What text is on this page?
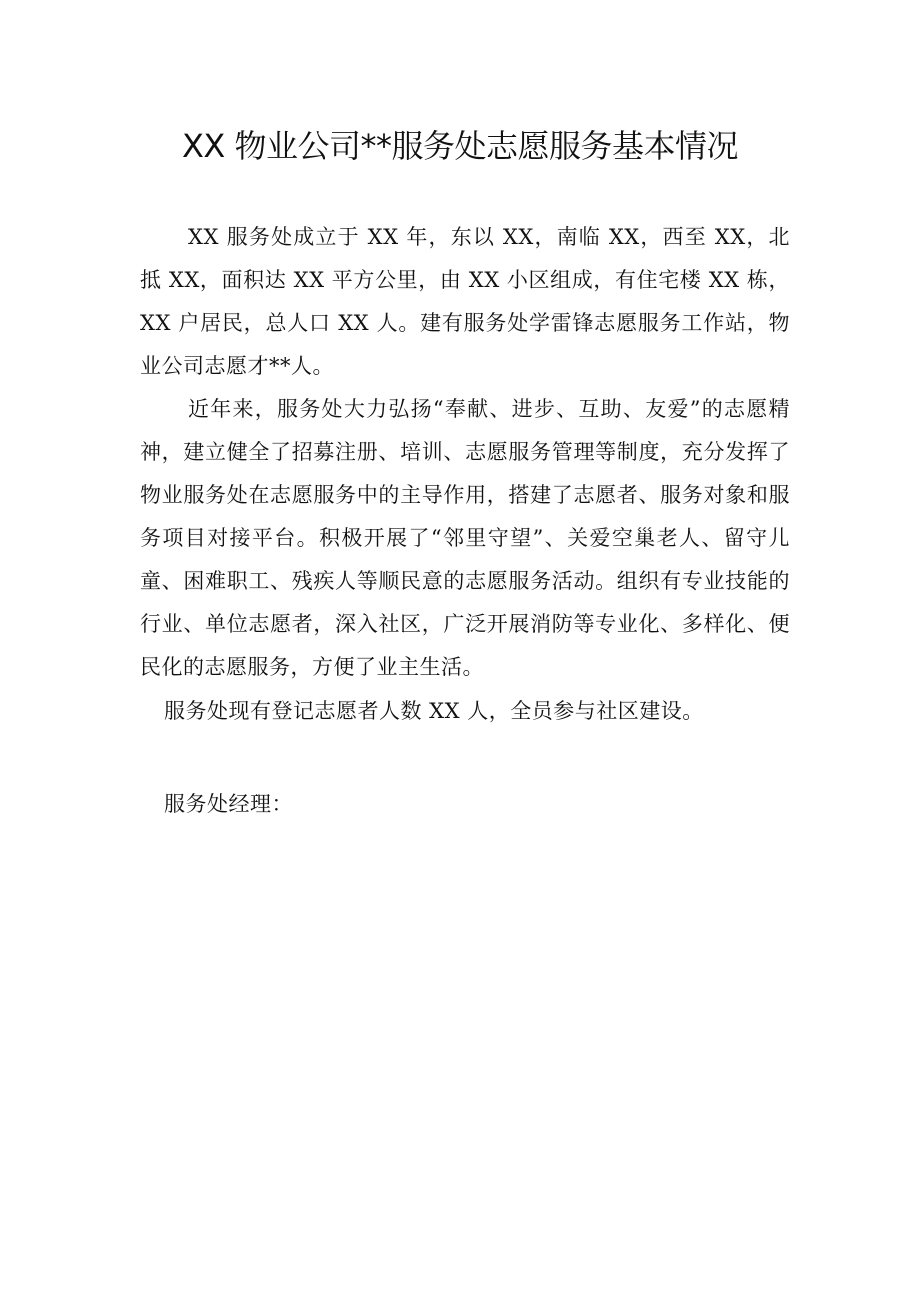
XX 物业公司**服务处志愿服务基本情况

XX 服务处成立于 XX 年，东以 XX，南临 XX，西至 XX，北抵 XX，面积达 XX 平方公里，由 XX 小区组成，有住宅楼 XX 栋，XX 户居民，总人口 XX 人。建有服务处学雷锋志愿服务工作站，物业公司志愿才**人。

近年来，服务处大力弘扬“奉献、进步、互助、友爱”的志愿精神，建立健全了招募注册、培训、志愿服务管理等制度，充分发挥了物业服务处在志愿服务中的主导作用，搭建了志愿者、服务对象和服务项目对接平台。积极开展了“邻里守望”、关爱空巢老人、留守儿童、困难职工、残疾人等顺民意的志愿服务活动。组织有专业技能的行业、单位志愿者，深入社区，广泛开展消防等专业化、多样化、便民化的志愿服务，方便了业主生活。

服务处现有登记志愿者人数 XX 人，全员参与社区建设。

服务处经理：
